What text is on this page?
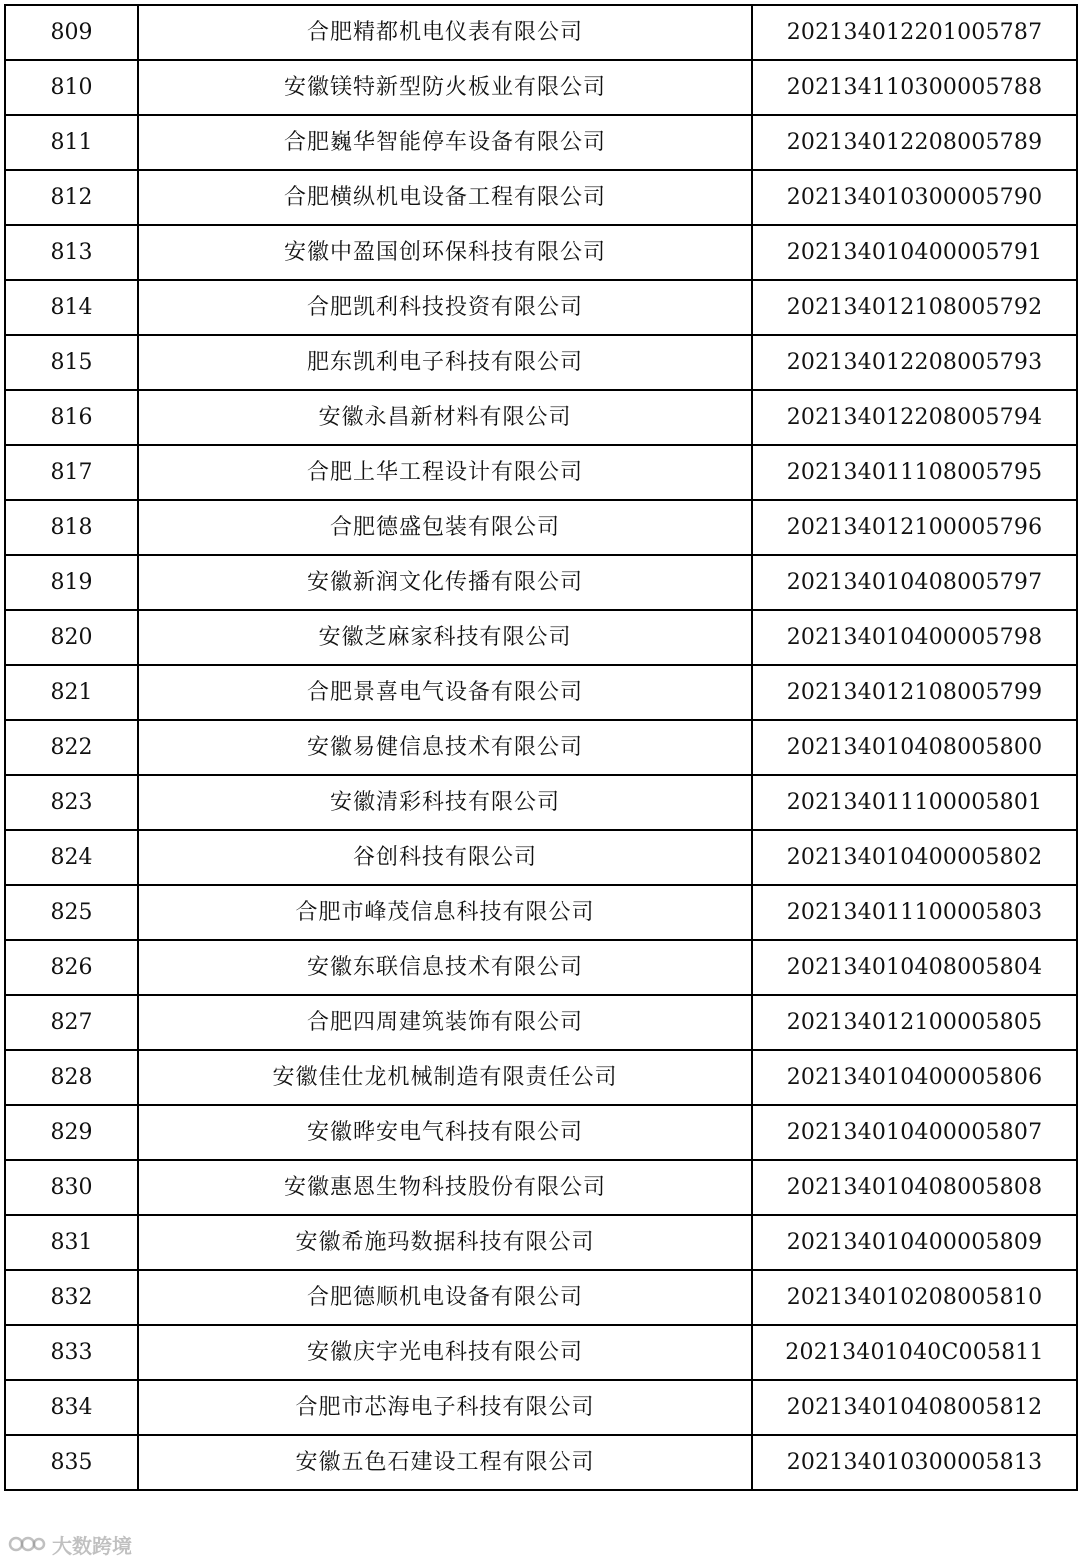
809	合肥精都机电仪表有限公司	202134012201005787
810	安徽镁特新型防火板业有限公司	202134110300005788
811	合肥巍华智能停车设备有限公司	202134012208005789
812	合肥横纵机电设备工程有限公司	202134010300005790
813	安徽中盈国创环保科技有限公司	202134010400005791
814	合肥凯利科技投资有限公司	202134012108005792
815	肥东凯利电子科技有限公司	202134012208005793
816	安徽永昌新材料有限公司	202134012208005794
817	合肥上华工程设计有限公司	202134011108005795
818	合肥德盛包装有限公司	202134012100005796
819	安徽新润文化传播有限公司	202134010408005797
820	安徽芝麻家科技有限公司	202134010400005798
821	合肥景喜电气设备有限公司	202134012108005799
822	安徽易健信息技术有限公司	202134010408005800
823	安徽清彩科技有限公司	202134011100005801
824	谷创科技有限公司	202134010400005802
825	合肥市峰茂信息科技有限公司	202134011100005803
826	安徽东联信息技术有限公司	202134010408005804
827	合肥四周建筑装饰有限公司	202134012100005805
828	安徽佳仕龙机械制造有限责任公司	202134010400005806
829	安徽晔安电气科技有限公司	202134010400005807
830	安徽惠恩生物科技股份有限公司	202134010408005808
831	安徽希施玛数据科技有限公司	202134010400005809
832	合肥德顺机电设备有限公司	202134010208005810
833	安徽庆宇光电科技有限公司	20213401040C005811
834	合肥市芯海电子科技有限公司	202134010408005812
835	安徽五色石建设工程有限公司	202134010300005813
大数跨境
